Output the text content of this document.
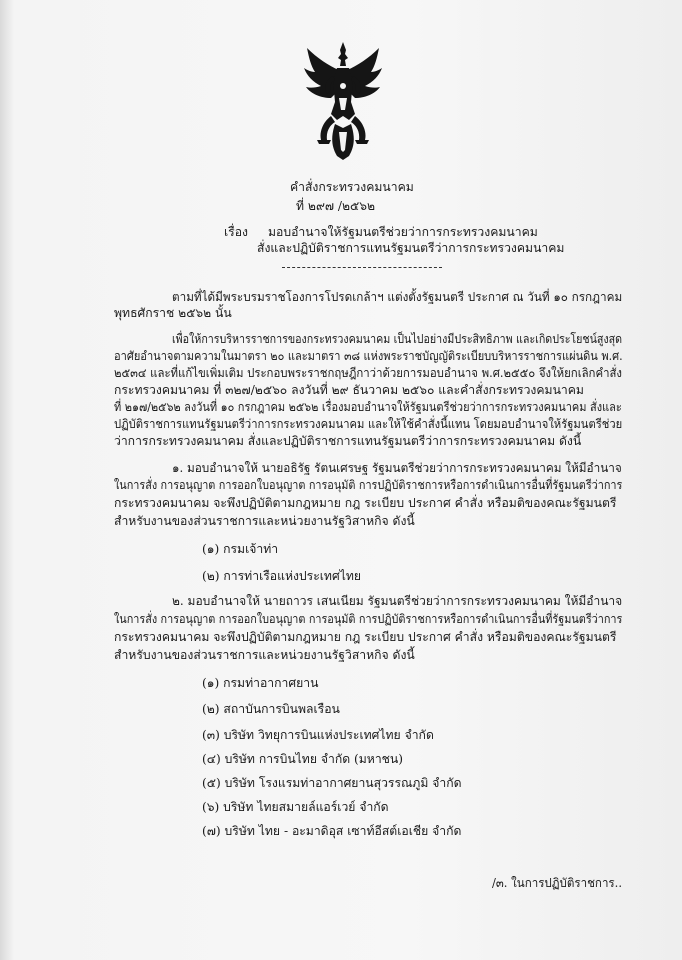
คำสั่งกระทรวงคมนาคม
ที่ ๒๙๗ /๒๕๖๒
เรื่อง มอบอำนาจให้รัฐมนตรีช่วยว่าการกระทรวงคมนาคม
สั่งและปฏิบัติราชการแทนรัฐมนตรีว่าการกระทรวงคมนาคม
ตามที่ได้มีพระบรมราชโองการโปรดเกล้าฯ แต่งตั้งรัฐมนตรี ประกาศ ณ วันที่ ๑๐ กรกฎาคม
พุทธศักราช ๒๕๖๒ นั้น
เพื่อให้การบริหารราชการของกระทรวงคมนาคม เป็นไปอย่างมีประสิทธิภาพ และเกิดประโยชน์สูงสุด
อาศัยอำนาจตามความในมาตรา ๒๐ และมาตรา ๓๘ แห่งพระราชบัญญัติระเบียบบริหารราชการแผ่นดิน พ.ศ.
๒๕๓๔ และที่แก้ไขเพิ่มเติม ประกอบพระราชกฤษฎีกาว่าด้วยการมอบอำนาจ พ.ศ.๒๕๕๐ จึงให้ยกเลิกคำสั่ง
กระทรวงคมนาคม ที่ ๓๒๗/๒๕๖๐ ลงวันที่ ๒๙ ธันวาคม ๒๕๖๐ และคำสั่งกระทรวงคมนาคม
ที่ ๒๑๗/๒๕๖๒ ลงวันที่ ๑๐ กรกฎาคม ๒๕๖๒ เรื่องมอบอำนาจให้รัฐมนตรีช่วยว่าการกระทรวงคมนาคม สั่งและ
ปฏิบัติราชการแทนรัฐมนตรีว่าการกระทรวงคมนาคม และให้ใช้คำสั่งนี้แทน โดยมอบอำนาจให้รัฐมนตรีช่วย
ว่าการกระทรวงคมนาคม สั่งและปฏิบัติราชการแทนรัฐมนตรีว่าการกระทรวงคมนาคม ดังนี้
๑. มอบอำนาจให้ นายอธิรัฐ รัตนเศรษฐ รัฐมนตรีช่วยว่าการกระทรวงคมนาคม ให้มีอำนาจ
ในการสั่ง การอนุญาต การออกใบอนุญาต การอนุมัติ การปฏิบัติราชการหรือการดำเนินการอื่นที่รัฐมนตรีว่าการ
กระทรวงคมนาคม จะพึงปฏิบัติตามกฎหมาย กฎ ระเบียบ ประกาศ คำสั่ง หรือมติของคณะรัฐมนตรี
สำหรับงานของส่วนราชการและหน่วยงานรัฐวิสาหกิจ ดังนี้
(๑) กรมเจ้าท่า
(๒) การท่าเรือแห่งประเทศไทย
๒. มอบอำนาจให้ นายถาวร เสนเนียม รัฐมนตรีช่วยว่าการกระทรวงคมนาคม ให้มีอำนาจ
ในการสั่ง การอนุญาต การออกใบอนุญาต การอนุมัติ การปฏิบัติราชการหรือการดำเนินการอื่นที่รัฐมนตรีว่าการ
กระทรวงคมนาคม จะพึงปฏิบัติตามกฎหมาย กฎ ระเบียบ ประกาศ คำสั่ง หรือมติของคณะรัฐมนตรี
สำหรับงานของส่วนราชการและหน่วยงานรัฐวิสาหกิจ ดังนี้
(๑) กรมท่าอากาศยาน
(๒) สถาบันการบินพลเรือน
(๓) บริษัท วิทยุการบินแห่งประเทศไทย จำกัด
(๔) บริษัท การบินไทย จำกัด (มหาชน)
(๕) บริษัท โรงแรมท่าอากาศยานสุวรรณภูมิ จำกัด
(๖) บริษัท ไทยสมายล์แอร์เวย์ จำกัด
(๗) บริษัท ไทย - อะมาดิอุส เซาท์อีสต์เอเชีย จำกัด
/๓. ในการปฏิบัติราชการ..
